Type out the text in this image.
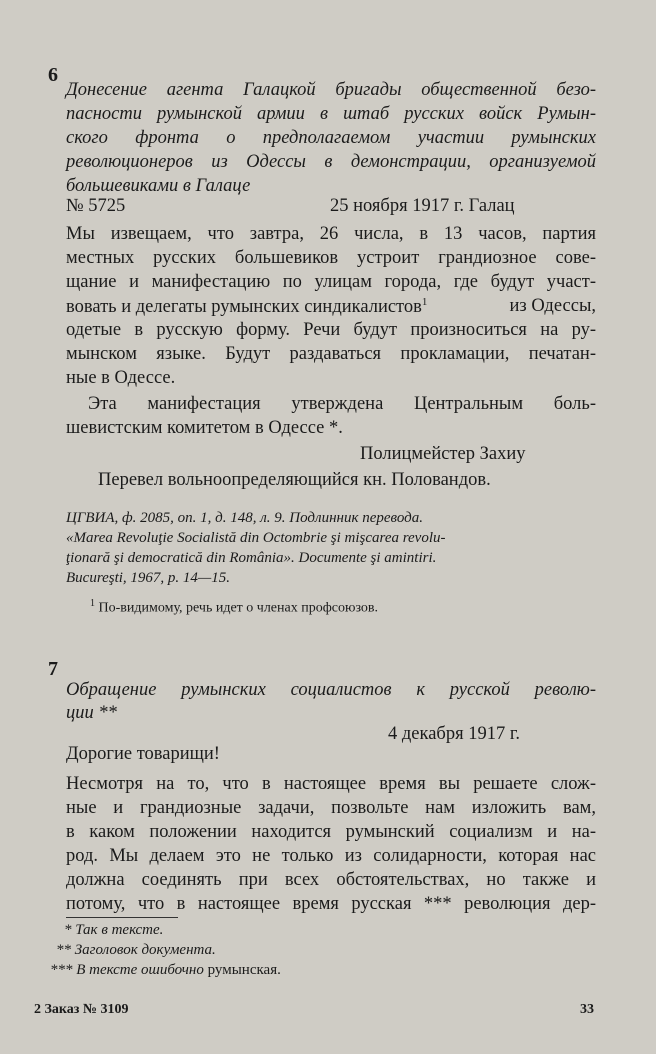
6
Донесение агента Галацкой бригады общественной безо-
пасности румынской армии в штаб русских войск Румын-
ского фронта о предполагаемом участии румынских
революционеров из Одессы в демонстрации, организуемой
большевиками в Галаце
№ 5725	25 ноября 1917 г. Галац
Мы извещаем, что завтра, 26 числа, в 13 часов, партия
местных русских большевиков устроит грандиозное сове-
щание и манифестацию по улицам города, где будут участ-
вовать и делегаты румынских синдикалистов$^1$	из Одессы,
одетые в русскую форму. Речи будут произноситься на ру-
мынском языке. Будут раздаваться прокламации, печатан-
ные в Одессе.
Эта манифестация утверждена Центральным боль-
шевистским комитетом в Одессе *.
Полицмейстер Захиу
Перевел вольноопределяющийся кн. Половандов.
ЦГВИА, ф. 2085, оп. 1, д. 148, л. 9. Подлинник перевода.
«Marea Revoluţie Socialistă din Octombrie şi mişcarea revolu-
ţionară şi democratică din România». Documente şi amintiri.
Bucureşti, 1967, p. 14—15.
$^1$ По-видимому, речь идет о членах профсоюзов.
7
Обращение румынских социалистов к русской револю-
ции **
4 декабря 1917 г.
Дорогие товарищи!
Несмотря на то, что в настоящее время вы решаете слож-
ные и грандиозные задачи, позвольте нам изложить вам,
в каком положении находится румынский социализм и на-
род. Мы делаем это не только из солидарности, которая нас
должна соединять при всех обстоятельствах, но также и
потому, что в настоящее время русская *** революция дер-
* Так в тексте.
** Заголовок документа.
*** В тексте ошибочно румынская.
2 Заказ № 3109	33
